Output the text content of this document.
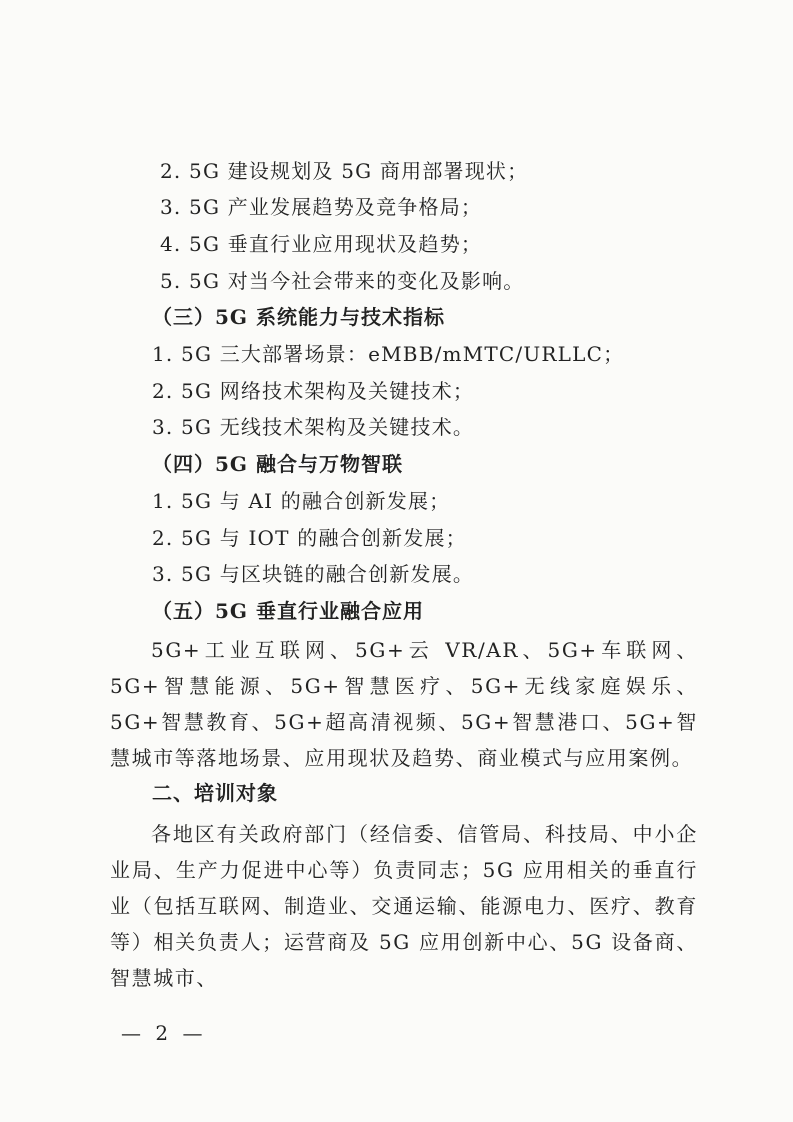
2. 5G 建设规划及 5G 商用部署现状；
3. 5G 产业发展趋势及竞争格局；
4. 5G 垂直行业应用现状及趋势；
5. 5G 对当今社会带来的变化及影响。
（三）5G 系统能力与技术指标
1. 5G 三大部署场景：eMBB/mMTC/URLLC；
2. 5G 网络技术架构及关键技术；
3. 5G 无线技术架构及关键技术。
（四）5G 融合与万物智联
1. 5G 与 AI 的融合创新发展；
2. 5G 与 IOT 的融合创新发展；
3. 5G 与区块链的融合创新发展。
（五）5G 垂直行业融合应用
5G+工业互联网、5G+云 VR/AR、5G+车联网、5G+智慧能源、5G+智慧医疗、5G+无线家庭娱乐、5G+智慧教育、5G+超高清视频、5G+智慧港口、5G+智慧城市等落地场景、应用现状及趋势、商业模式与应用案例。
二、培训对象
各地区有关政府部门（经信委、信管局、科技局、中小企业局、生产力促进中心等）负责同志；5G 应用相关的垂直行业（包括互联网、制造业、交通运输、能源电力、医疗、教育等）相关负责人；运营商及 5G 应用创新中心、5G 设备商、智慧城市、
— 2 —
